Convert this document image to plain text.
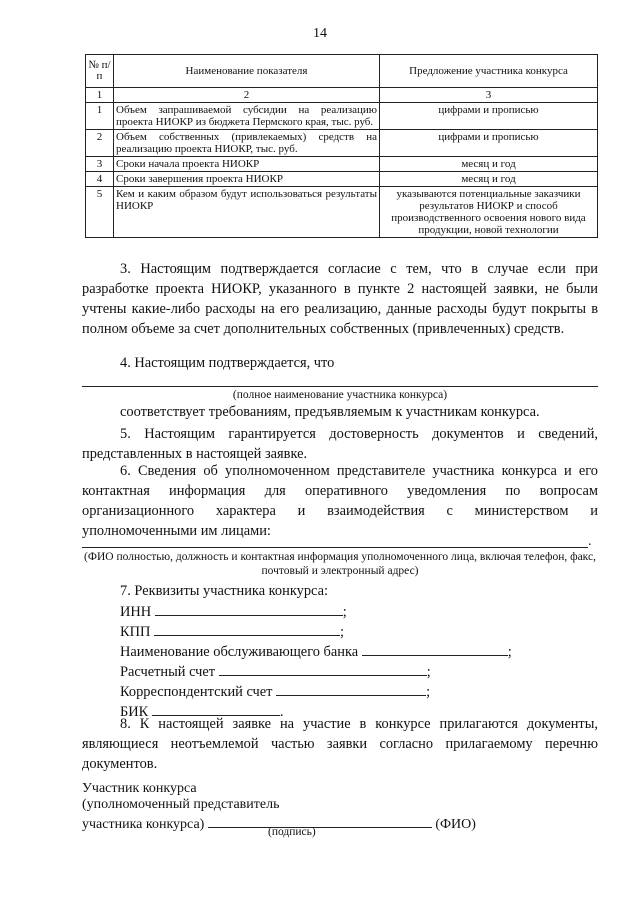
14
№ п/п	Наименование показателя	Предложение участника конкурса
1	2	3
1	Объем запрашиваемой субсидии на реализацию проекта НИОКР из бюджета Пермского края, тыс. руб.	цифрами и прописью
2	Объем собственных (привлекаемых) средств на реализацию проекта НИОКР, тыс. руб.	цифрами и прописью
3	Сроки начала проекта НИОКР	месяц и год
4	Сроки завершения проекта НИОКР	месяц и год
5	Кем и каким образом будут использоваться результаты НИОКР	указываются потенциальные заказчики результатов НИОКР и способ производственного освоения нового вида продукции, новой технологии
3. Настоящим подтверждается согласие с тем, что в случае если при разработке проекта НИОКР, указанного в пункте 2 настоящей заявки, не были учтены какие-либо расходы на его реализацию, данные расходы будут покрыты в полном объеме за счет дополнительных собственных (привлеченных) средств.
4. Настоящим подтверждается, что
(полное наименование участника конкурса)
соответствует требованиям, предъявляемым к участникам конкурса.
5. Настоящим гарантируется достоверность документов и сведений, представленных в настоящей заявке.
6. Сведения об уполномоченном представителе участника конкурса и его контактная информация для оперативного уведомления по вопросам организационного характера и взаимодействия с министерством и уполномоченными им лицами:
.
(ФИО полностью, должность и контактная информация уполномоченного лица, включая телефон, факс, почтовый и электронный адрес)
7. Реквизиты участника конкурса:
ИНН	;
КПП	;
Наименование обслуживающего банка	;
Расчетный счет	;
Корреспондентский счет	;
БИК	.
8. К настоящей заявке на участие в конкурсе прилагаются документы, являющиеся неотъемлемой частью заявки согласно прилагаемому перечню документов.
Участник конкурса
(уполномоченный представитель
участника конкурса)	(ФИО)
(подпись)
